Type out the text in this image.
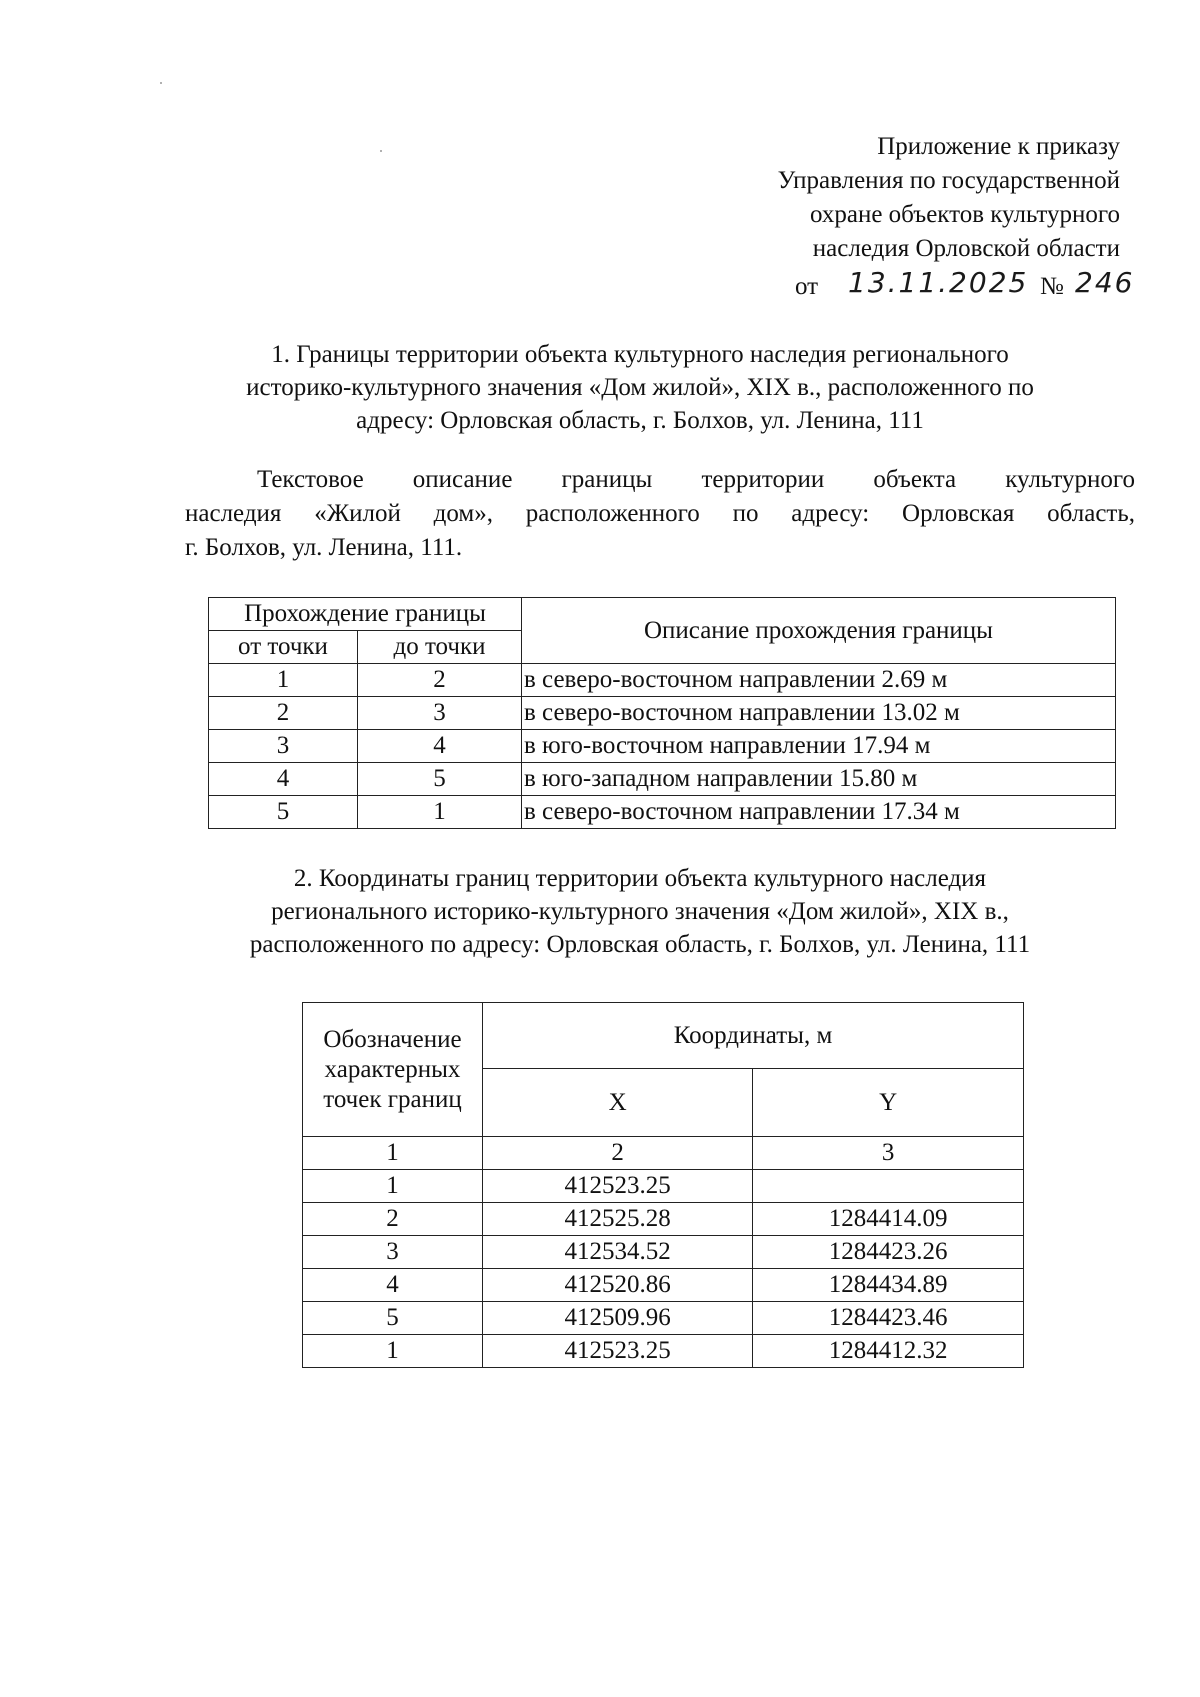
Приложение к приказу
Управления по государственной
охране объектов культурного
наследия Орловской области
от 13.11.2025 № 246
1. Границы территории объекта культурного наследия регионального
историко-культурного значения «Дом жилой», XIX в., расположенного по
адресу: Орловская область, г. Болхов, ул. Ленина, 111
Текстовое описание границы территории объекта культурного
наследия «Жилой дом», расположенного по адресу: Орловская область,
г. Болхов, ул. Ленина, 111.
Прохождение границы		Описание прохождения границы
от точки	до точки	
1	2	в северо-восточном направлении 2.69 м
2	3	в северо-восточном направлении 13.02 м
3	4	в юго-восточном направлении 17.94 м
4	5	в юго-западном направлении 15.80 м
5	1	в северо-восточном направлении 17.34 м
2. Координаты границ территории объекта культурного наследия
регионального историко-культурного значения «Дом жилой», XIX в.,
расположенного по адресу: Орловская область, г. Болхов, ул. Ленина, 111
Обозначение характерных точек границ	Координаты, м	
	X	Y
1	2	3
1	412523.25	
2	412525.28	1284414.09
3	412534.52	1284423.26
4	412520.86	1284434.89
5	412509.96	1284423.46
1	412523.25	1284412.32
